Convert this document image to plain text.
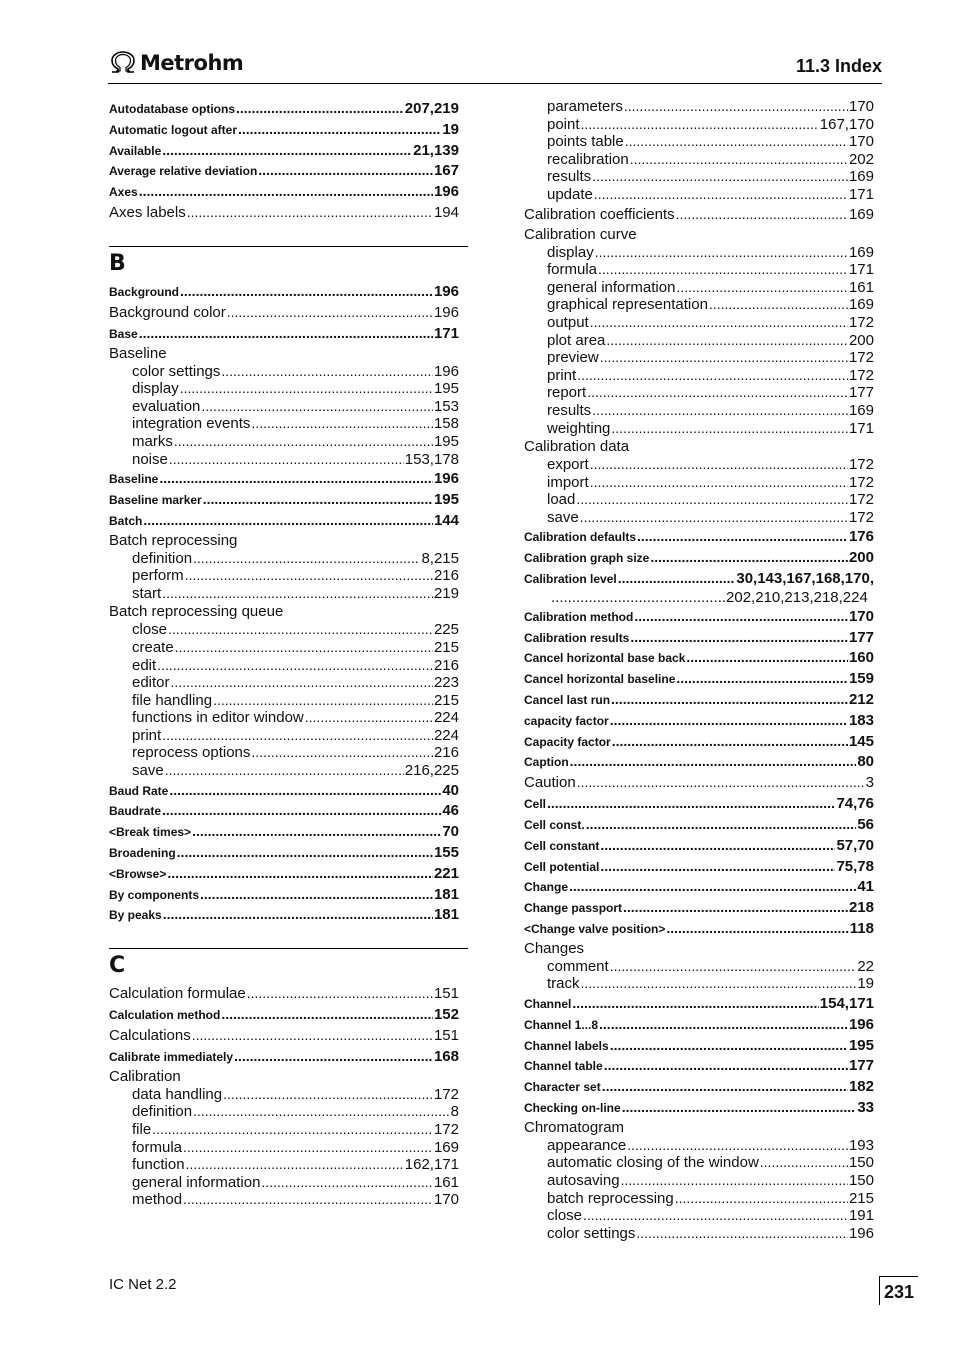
Metrohm	11.3 Index
Autodatabase options .....	207,219
Automatic logout after .....	19
Available .....	21,139
Average relative deviation .....	167
Axes .....	196
Axes labels .....	194
B
Background .....	196
Background color .....	196
Base .....	171
Baseline
color settings .....	196
display .....	195
evaluation .....	153
integration events .....	158
marks .....	195
noise .....	153,178
Baseline .....	196
Baseline marker .....	195
Batch .....	144
Batch reprocessing
definition .....	8,215
perform .....	216
start .....	219
Batch reprocessing queue
close .....	225
create .....	215
edit .....	216
editor .....	223
file handling .....	215
functions in editor window .....	224
print .....	224
reprocess options .....	216
save .....	216,225
Baud Rate .....	40
Baudrate .....	46
<Break times> .....	70
Broadening .....	155
<Browse> .....	221
By components .....	181
By peaks .....	181
C
Calculation formulae .....	151
Calculation method .....	152
Calculations .....	151
Calibrate immediately .....	168
Calibration
data handling .....	172
definition .....	8
file .....	172
formula .....	169
function .....	162,171
general information .....	161
method .....	170
parameters .....	170
point .....	167,170
points table .....	170
recalibration .....	202
results .....	169
update .....	171
Calibration coefficients .....	169
Calibration curve
display .....	169
formula .....	171
general information .....	161
graphical representation .....	169
output .....	172
plot area .....	200
preview .....	172
print .....	172
report .....	177
results .....	169
weighting .....	171
Calibration data
export .....	172
import .....	172
load .....	172
save .....	172
Calibration defaults .....	176
Calibration graph size .....	200
Calibration level .....	30,143,167,168,170,
..........................................202,210,213,218,224
Calibration method .....	170
Calibration results .....	177
Cancel horizontal base back .....	160
Cancel horizontal baseline .....	159
Cancel last run .....	212
capacity factor .....	183
Capacity factor .....	145
Caption .....	80
Caution .....	3
Cell .....	74,76
Cell const. .....	56
Cell constant .....	57,70
Cell potential .....	75,78
Change .....	41
Change passport .....	218
<Change valve position> .....	118
Changes
comment .....	22
track .....	19
Channel .....	154,171
Channel 1...8 .....	196
Channel labels .....	195
Channel table .....	177
Character set .....	182
Checking on-line .....	33
Chromatogram
appearance .....	193
automatic closing of the window .....	150
autosaving .....	150
batch reprocessing .....	215
close .....	191
color settings .....	196
IC Net 2.2	231
